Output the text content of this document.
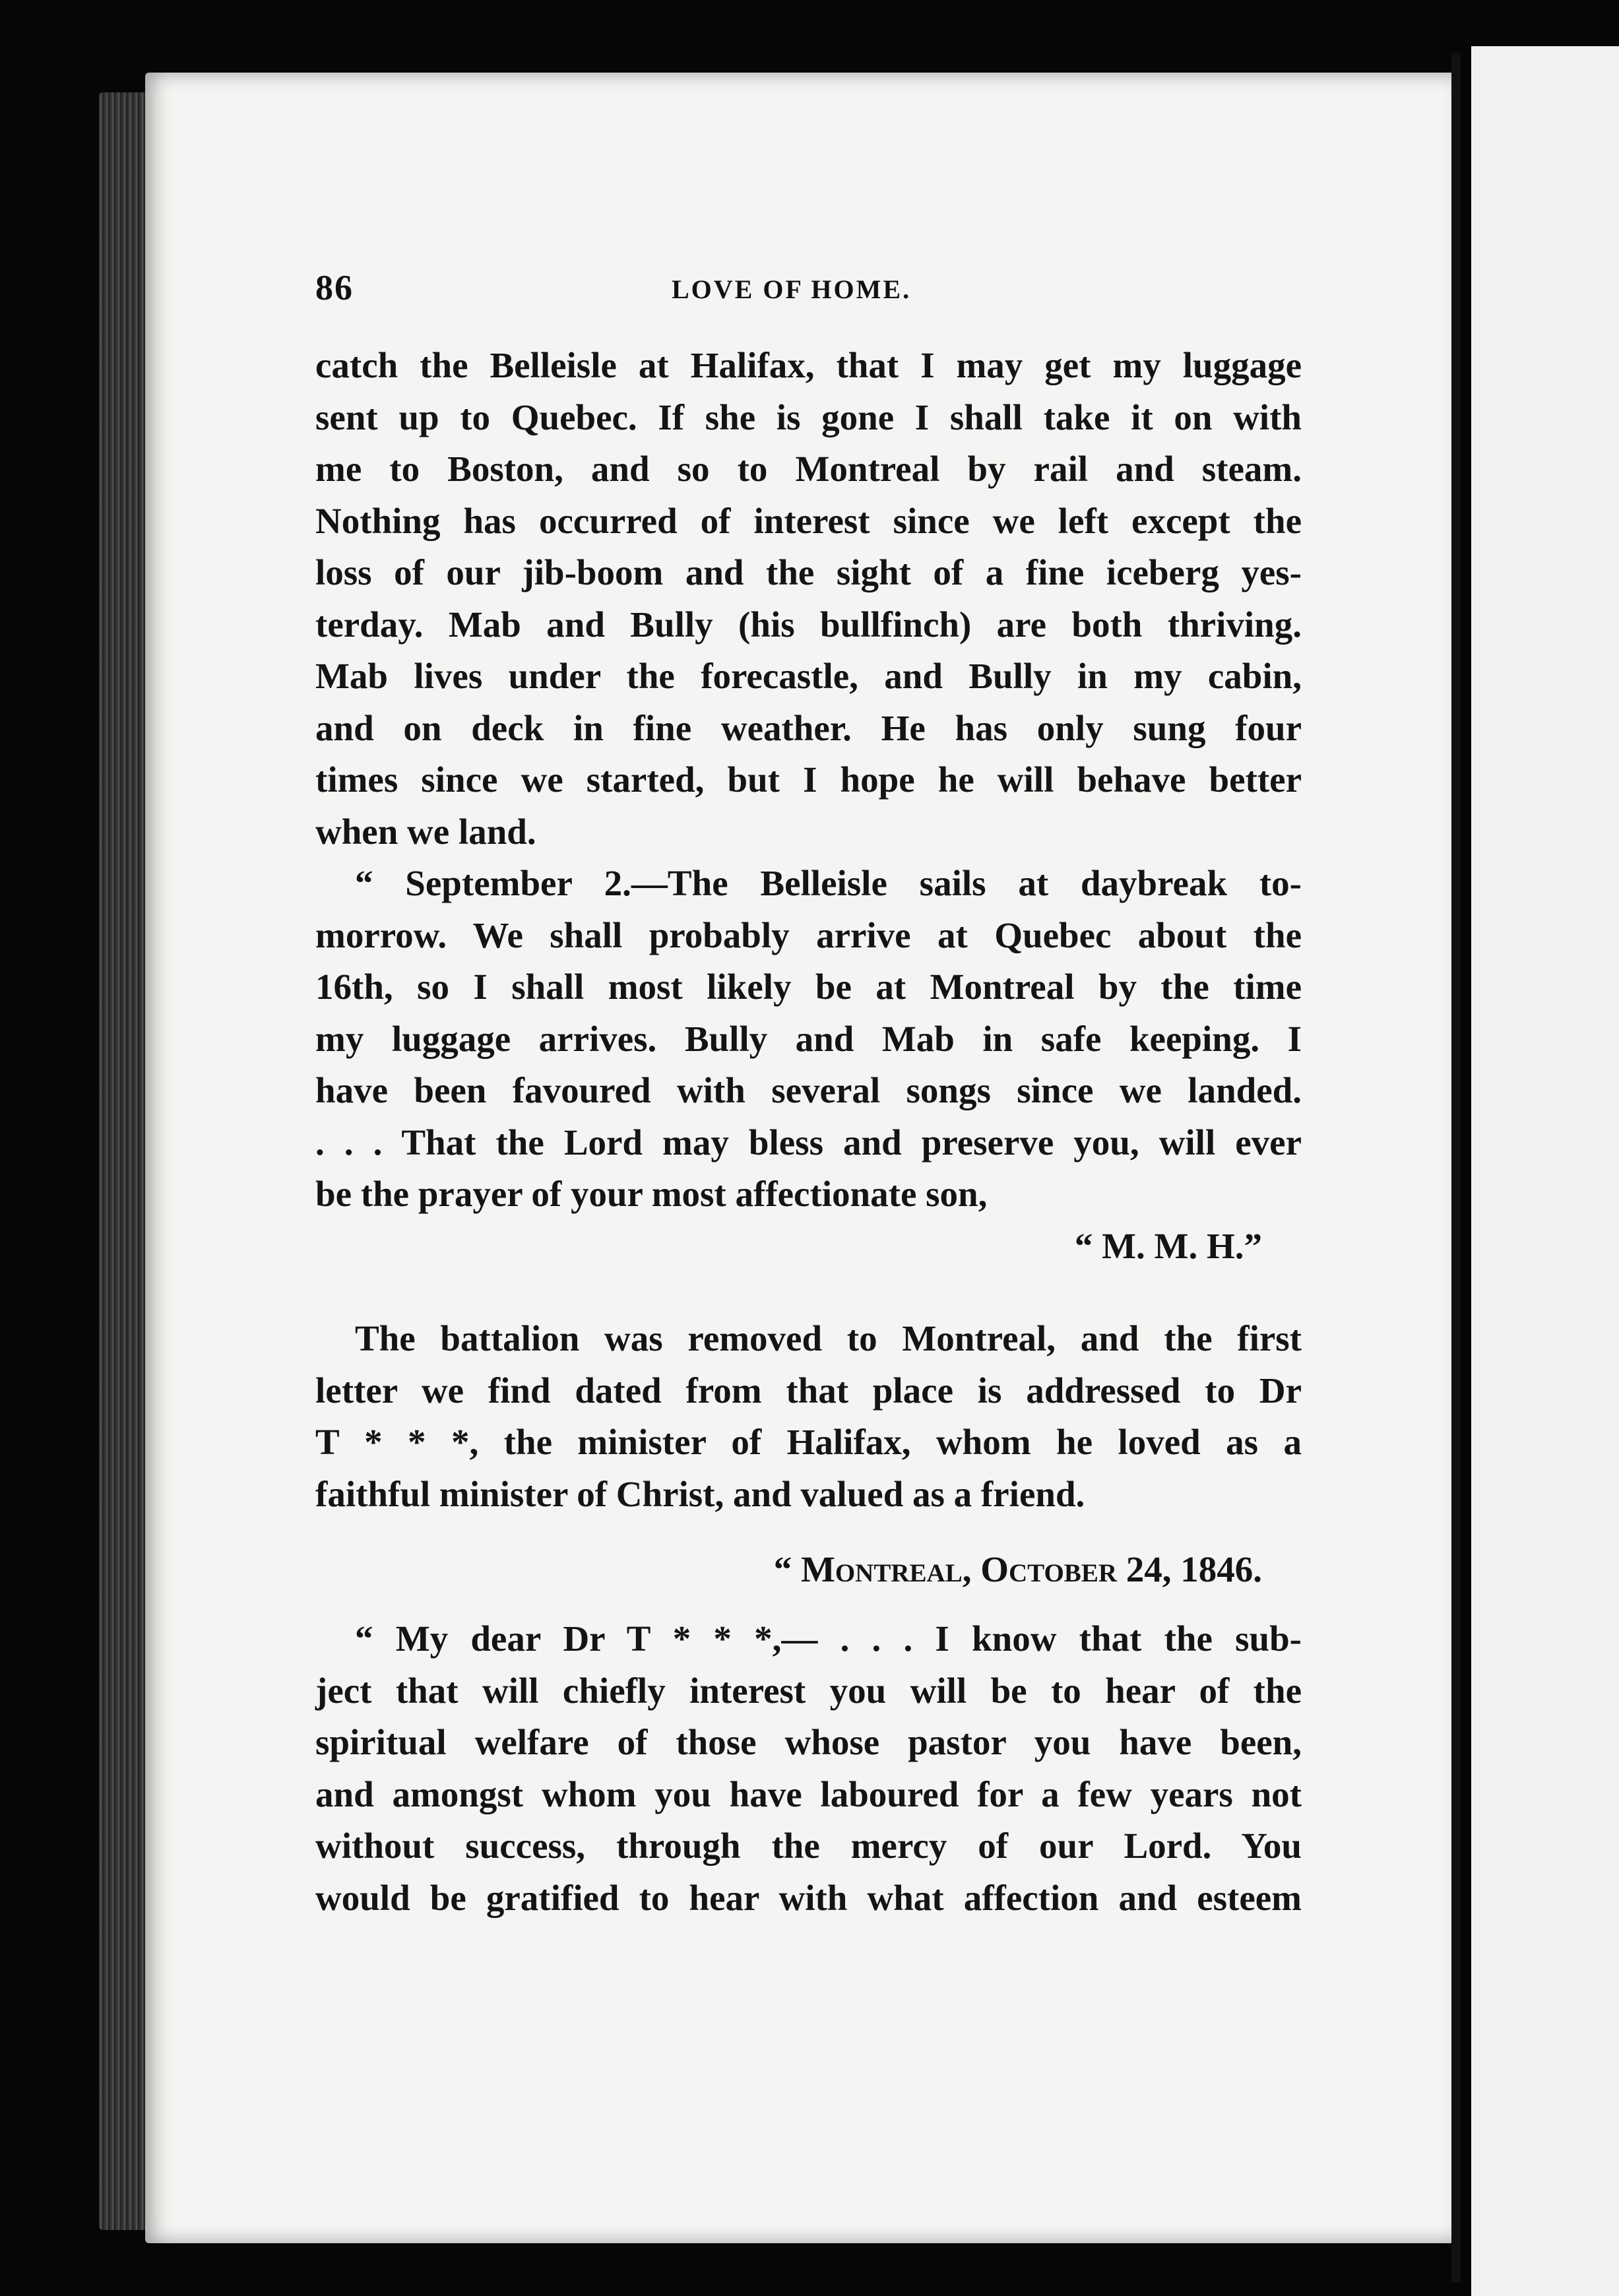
86	LOVE OF HOME.
catch the Belleisle at Halifax, that I may get my luggage
sent up to Quebec. If she is gone I shall take it on with
me to Boston, and so to Montreal by rail and steam.
Nothing has occurred of interest since we left except the
loss of our jib-boom and the sight of a fine iceberg yes-
terday. Mab and Bully (his bullfinch) are both thriving.
Mab lives under the forecastle, and Bully in my cabin,
and on deck in fine weather. He has only sung four
times since we started, but I hope he will behave better
when we land.
“ September 2.—The Belleisle sails at daybreak to-
morrow. We shall probably arrive at Quebec about the
16th, so I shall most likely be at Montreal by the time
my luggage arrives. Bully and Mab in safe keeping. I
have been favoured with several songs since we landed.
. . . That the Lord may bless and preserve you, will ever
be the prayer of your most affectionate son,
“ M. M. H.”
The battalion was removed to Montreal, and the first
letter we find dated from that place is addressed to Dr
T * * *, the minister of Halifax, whom he loved as a
faithful minister of Christ, and valued as a friend.
“ Montreal, October 24, 1846.
“ My dear Dr T * * *,— . . . I know that the sub-
ject that will chiefly interest you will be to hear of the
spiritual welfare of those whose pastor you have been,
and amongst whom you have laboured for a few years not
without success, through the mercy of our Lord. You
would be gratified to hear with what affection and esteem
